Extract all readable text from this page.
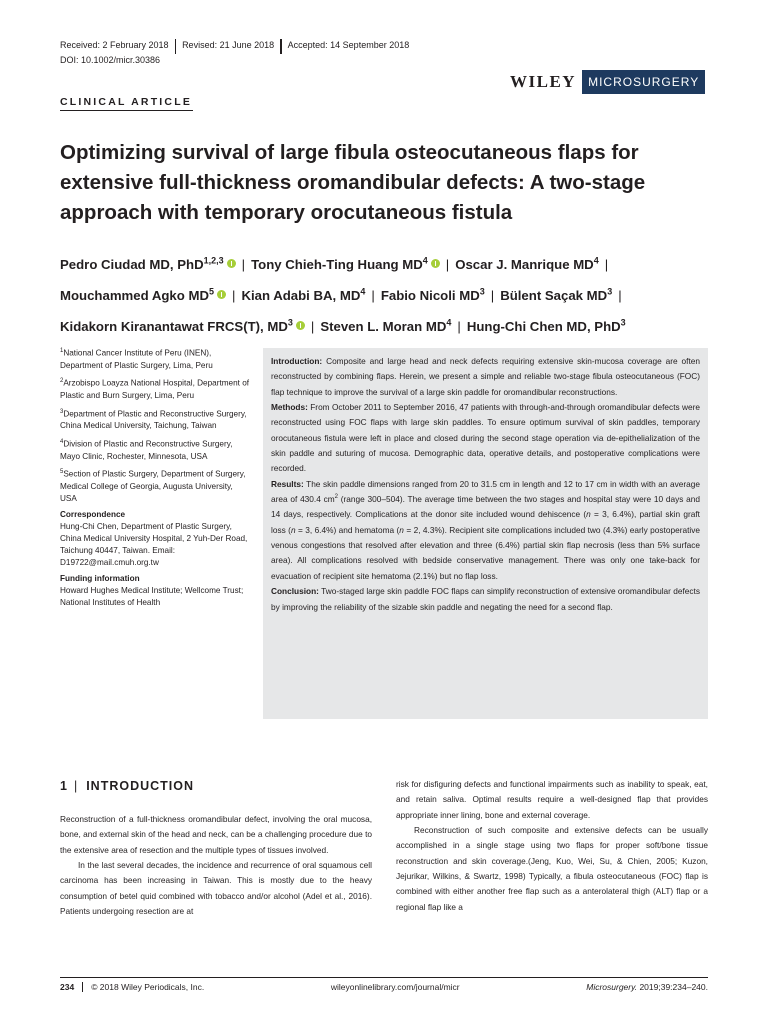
Received: 2 February 2018 Revised: 21 June 2018 Accepted: 14 September 2018
DOI: 10.1002/micr.30386
WILEY	MICROSURGERY
CLINICAL ARTICLE
Optimizing survival of large fibula osteocutaneous flaps for extensive full-thickness oromandibular defects: A two-stage approach with temporary orocutaneous fistula
Pedro Ciudad MD, PhD$^{1,2,3}$ | Tony Chieh-Ting Huang $MD^4$ | Oscar J. Manrique $MD^4$ |
Mouchammed Agko $MD^5$ | Kian Adabi BA, $MD^4$ | Fabio Nicoli $MD^3$ | Bülent Saçak $MD^3$ |
Kidakorn Kiranantawat FRCS(T), $MD^3$ | Steven L. Moran $MD^4$ | Hung-Chi Chen MD, PhD$^3$

$^1$National Cancer Institute of Peru (INEN), Department of Plastic Surgery, Lima, Peru

$^2$Arzobispo Loayza National Hospital, Department of Plastic and Burn Surgery, Lima, Peru

$^3$Department of Plastic and Reconstructive Surgery, China Medical University, Taichung, Taiwan

$^4$Division of Plastic and Reconstructive Surgery, Mayo Clinic, Rochester, Minnesota, USA

$^5$Section of Plastic Surgery, Department of Surgery, Medical College of Georgia, Augusta University, USA

Correspondence

Hung-Chi Chen, Department of Plastic Surgery, China Medical University Hospital, 2 Yuh-Der Road, Taichung 40447, Taiwan. Email: D19722@mail.cmuh.org.tw

Funding information

Howard Hughes Medical Institute; Wellcome Trust; National Institutes of Health

Introduction: Composite and large head and neck defects requiring extensive skin-mucosa coverage are often reconstructed by combining flaps. Herein, we present a simple and reliable two-stage fibula osteocutaneous (FOC) flap technique to improve the survival of a large skin paddle for oromandibular reconstructions.

Methods: From October 2011 to September 2016, 47 patients with through-and-through oromandibular defects were reconstructed using FOC flaps with large skin paddles. To ensure optimum survival of skin paddles, temporary orocutaneous fistula were left in place and closed during the second stage operation via de-epithelialization of the skin paddle and suturing of mucosa. Demographic data, operative details, and postoperative complications were recorded.

Results: The skin paddle dimensions ranged from 20 to 31.5 cm in length and 12 to 17 cm in width with an average area of 430.4 $cm^2$ (range 300–504). The average time between the two stages and hospital stay were 10 days and 14 days, respectively. Complications at the donor site included wound dehiscence (n = 3, 6.4%), partial skin graft loss (n = 3, 6.4%) and hematoma (n = 2, 4.3%). Recipient site complications included two (4.3%) early postoperative venous congestions that resolved after elevation and three (6.4%) partial skin flap necrosis (less than 5% surface area). All complications resolved with bedside conservative management. There was only one take-back for evacuation of recipient site hematoma (2.1%) but no flap loss.

Conclusion: Two-staged large skin paddle FOC flaps can simplify reconstruction of extensive oromandibular defects by improving the reliability of the sizable skin paddle and negating the need for a second flap.

1 | INTRODUCTION

Reconstruction of a full-thickness oromandibular defect, involving the oral mucosa, bone, and external skin of the head and neck, can be a challenging procedure due to the extensive area of resection and the multiple types of tissues involved.

In the last several decades, the incidence and recurrence of oral squamous cell carcinoma has been increasing in Taiwan. This is mostly due to the heavy consumption of betel quid combined with tobacco and/or alcohol (Adel et al., 2016). Patients undergoing resection are at

risk for disfiguring defects and functional impairments such as inability to speak, eat, and retain saliva. Optimal results require a well-designed flap that provides appropriate inner lining, bone and external coverage.

Reconstruction of such composite and extensive defects can be usually accomplished in a single stage using two flaps for proper soft/bone tissue reconstruction and skin coverage.(Jeng, Kuo, Wei, Su, & Chien, 2005; Kuzon, Jejurikar, Wilkins, & Swartz, 1998) Typically, a fibula osteocutaneous (FOC) flap is combined with either another free flap such as a anterolateral thigh (ALT) flap or a regional flap like a

234 © 2018 Wiley Periodicals, Inc.	wileyonlinelibrary.com/journal/micr	Microsurgery. 2019;39:234–240.
